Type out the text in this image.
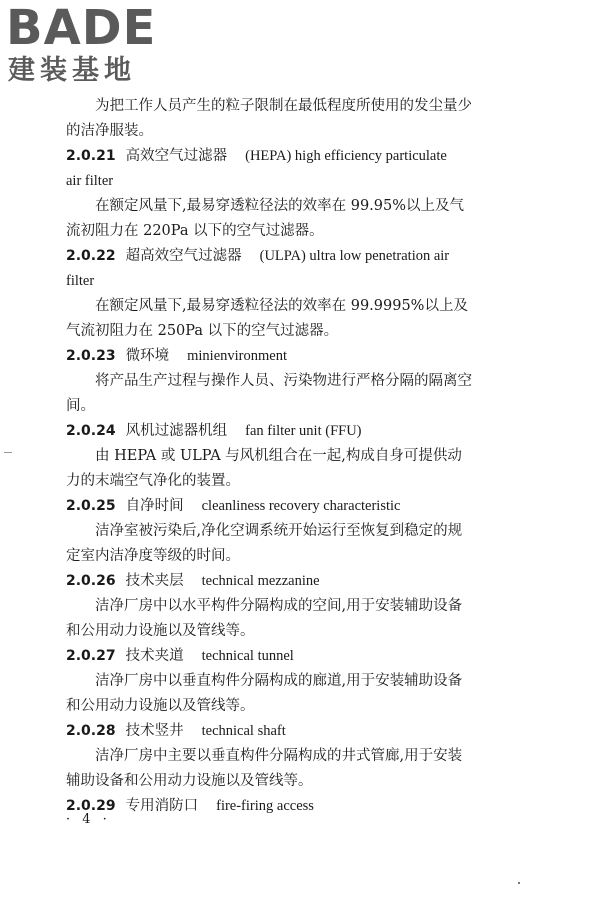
BADE
建装基地
为把工作人员产生的粒子限制在最低程度所使用的发尘量少
的洁净服装。
2.0.21 高效空气过滤器 (HEPA) high efficiency particulate
air filter
在额定风量下,最易穿透粒径法的效率在 99.95%以上及气
流初阻力在 220Pa 以下的空气过滤器。
2.0.22 超高效空气过滤器 (ULPA) ultra low penetration air
filter
在额定风量下,最易穿透粒径法的效率在 99.9995%以上及
气流初阻力在 250Pa 以下的空气过滤器。
2.0.23 微环境 minienvironment
将产品生产过程与操作人员、污染物进行严格分隔的隔离空
间。
2.0.24 风机过滤器机组 fan filter unit (FFU)
由 HEPA 或 ULPA 与风机组合在一起,构成自身可提供动
力的末端空气净化的装置。
2.0.25 自净时间 cleanliness recovery characteristic
洁净室被污染后,净化空调系统开始运行至恢复到稳定的规
定室内洁净度等级的时间。
2.0.26 技术夹层 technical mezzanine
洁净厂房中以水平构件分隔构成的空间,用于安装辅助设备
和公用动力设施以及管线等。
2.0.27 技术夹道 technical tunnel
洁净厂房中以垂直构件分隔构成的廊道,用于安装辅助设备
和公用动力设施以及管线等。
2.0.28 技术竖井 technical shaft
洁净厂房中主要以垂直构件分隔构成的井式管廊,用于安装
辅助设备和公用动力设施以及管线等。
2.0.29 专用消防口 fire-firing access
· 4 ·
